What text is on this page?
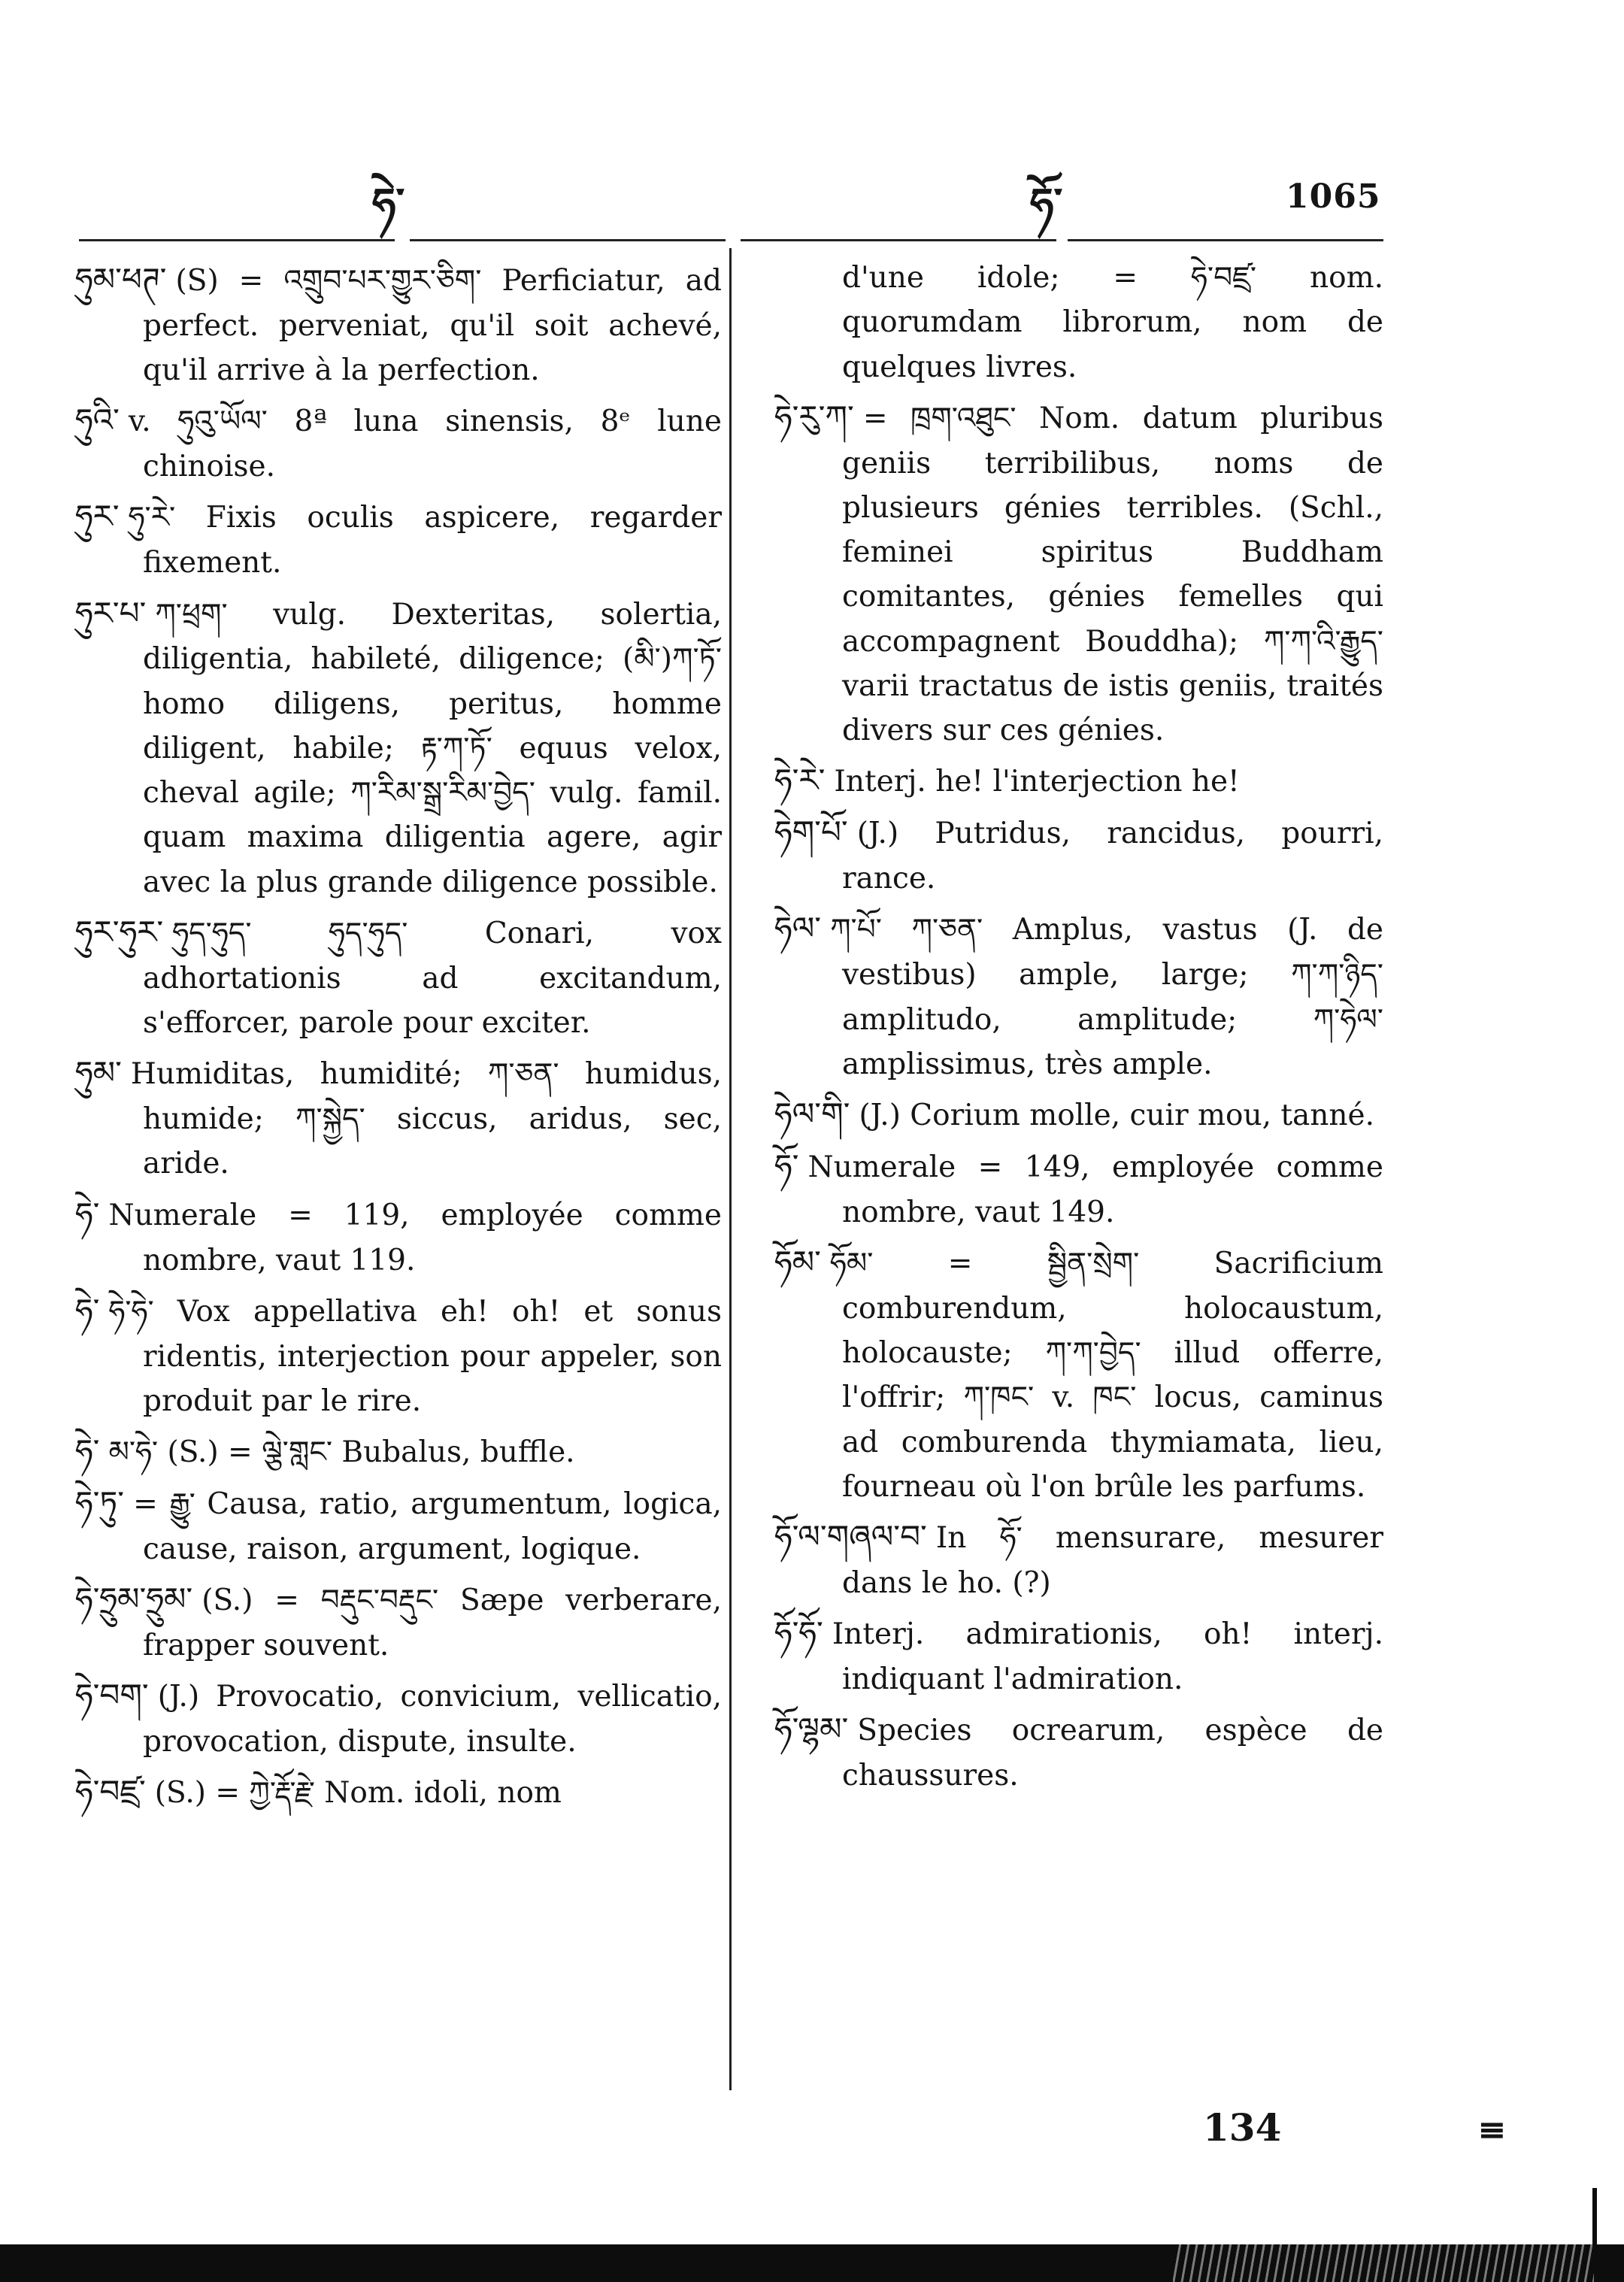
ཧེ་	ཧོ་	1065
ཧུམ་ཕཊ་ (S) = འགྲུབ་པར་གྱུར་ཅིག་ Perficiatur, ad perfect. perveniat, qu'il soit achevé, qu'il arrive à la perfection.
ཧུའི་ v. ཧུའུ་ཡོལ་ 8ª luna sinensis, 8ᵉ lune chinoise.
ཧུར་ ཧུ་རེ་ Fixis oculis aspicere, regarder fixement.
ཧུར་པ་ ཀ་ཕྲག་ vulg. Dexteritas, solertia, diligentia, habileté, diligence; (མི་)ཀ་ཏོ་ homo diligens, peritus, homme diligent, habile; རྟ་ཀ་ཏོ་ equus velox, cheval agile; ཀ་རིམ་སྒྲ་རིམ་བྱེད་ vulg. famil. quam maxima diligentia agere, agir avec la plus grande diligence possible.
ཧུར་ཧུར་ ཧུད་ཧུད་ ཧུད་ཧུད་ Conari, vox adhortationis ad excitandum, s'efforcer, parole pour exciter.
ཧུམ་ Humiditas, humidité; ཀ་ཅན་ humidus, humide; ཀ་སྐྱེད་ siccus, aridus, sec, aride.
ཧེ་ Numerale = 119, employée comme nombre, vaut 119.
ཧེ་ ཧེ་ཧེ་ Vox appellativa eh! oh! et sonus ridentis, interjection pour appeler, son produit par le rire.
ཧེ་ མ་ཧེ་ (S.) = ལྕེ་གླང་ Bubalus, buffle.
ཧེ་ཏུ་ = རྒྱུ་ Causa, ratio, argumentum, logica, cause, raison, argument, logique.
ཧེ་ཧྲུམ་ཧྲུམ་ (S.) = བརྡུང་བརྡུང་ Sæpe verberare, frapper souvent.
ཧེ་བག་ (J.) Provocatio, convicium, vellicatio, provocation, dispute, insulte.
ཧེ་བཛྲ་ (S.) = ཀྱེ་རྡོ་རྗེ་ Nom. idoli, nom
d'une idole; = ཧེ་བཛྲ་ nom. quorumdam librorum, nom de quelques livres.
ཧེ་རུ་ཀ་ = ཁྲག་འཐུང་ Nom. datum pluribus geniis terribilibus, noms de plusieurs génies terribles. (Schl., feminei spiritus Buddham comitantes, génies femelles qui accompagnent Bouddha); ཀ་ཀ་འི་རྒྱུད་ varii tractatus de istis geniis, traités divers sur ces génies.
ཧེ་རེ་ Interj. he! l'interjection he!
ཧེག་པོ་ (J.) Putridus, rancidus, pourri, rance.
ཧེལ་ ཀ་པོ་ ཀ་ཅན་ Amplus, vastus (J. de vestibus) ample, large; ཀ་ཀ་ཉིད་ amplitudo, amplitude; ཀ་ཧེལ་ amplissimus, très ample.
ཧེལ་གི་ (J.) Corium molle, cuir mou, tanné.
ཧོ་ Numerale = 149, employée comme nombre, vaut 149.
ཧོམ་ ཧོམ་ = སྦྱིན་སྲེག་ Sacrificium comburendum, holocaustum, holocauste; ཀ་ཀ་བྱེད་ illud offerre, l'offrir; ཀ་ཁང་ v. ཁང་ locus, caminus ad comburenda thymiamata, lieu, fourneau où l'on brûle les parfums.
ཧོ་ལ་གཞལ་བ་ In ཧོ་ mensurare, mesurer dans le ho. (?)
ཧོ་ཧོ་ Interj. admirationis, oh! interj. indiquant l'admiration.
ཧོ་ལྷམ་ Species ocrearum, espèce de chaussures.
134	≡
